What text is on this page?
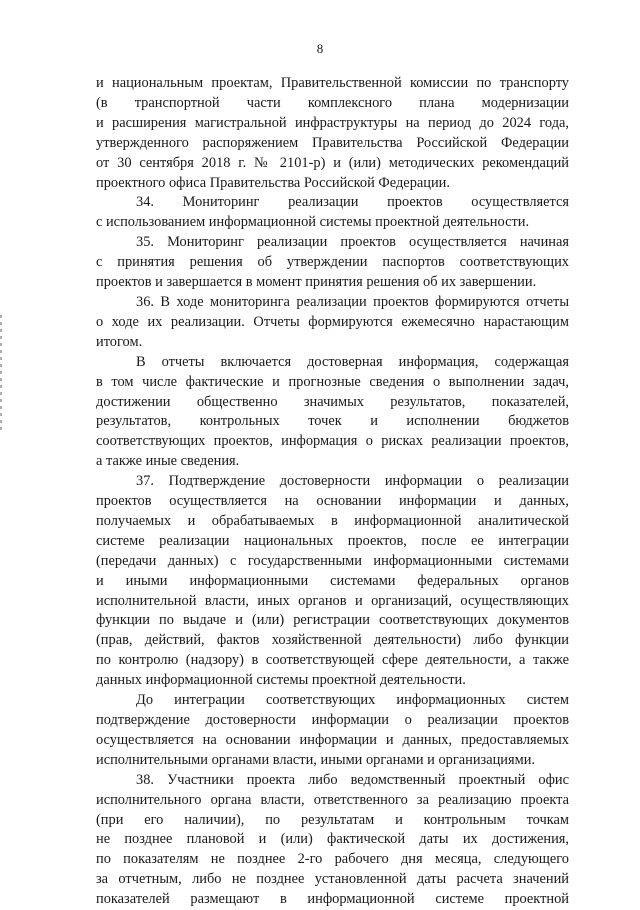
8
и национальным проектам, Правительственной комиссии по транспорту
(в транспортной части комплексного плана модернизации
и расширения магистральной инфраструктуры на период до 2024 года,
утвержденного распоряжением Правительства Российской Федерации
от 30 сентября 2018 г. № 2101-р) и (или) методических рекомендаций
проектного офиса Правительства Российской Федерации.
34. Мониторинг реализации проектов осуществляется
с использованием информационной системы проектной деятельности.
35. Мониторинг реализации проектов осуществляется начиная
с принятия решения об утверждении паспортов соответствующих
проектов и завершается в момент принятия решения об их завершении.
36. В ходе мониторинга реализации проектов формируются отчеты
о ходе их реализации. Отчеты формируются ежемесячно нарастающим
итогом.
В отчеты включается достоверная информация, содержащая
в том числе фактические и прогнозные сведения о выполнении задач,
достижении общественно значимых результатов, показателей,
результатов, контрольных точек и исполнении бюджетов
соответствующих проектов, информация о рисках реализации проектов,
а также иные сведения.
37. Подтверждение достоверности информации о реализации
проектов осуществляется на основании информации и данных,
получаемых и обрабатываемых в информационной аналитической
системе реализации национальных проектов, после ее интеграции
(передачи данных) с государственными информационными системами
и иными информационными системами федеральных органов
исполнительной власти, иных органов и организаций, осуществляющих
функции по выдаче и (или) регистрации соответствующих документов
(прав, действий, фактов хозяйственной деятельности) либо функции
по контролю (надзору) в соответствующей сфере деятельности, а также
данных информационной системы проектной деятельности.
До интеграции соответствующих информационных систем
подтверждение достоверности информации о реализации проектов
осуществляется на основании информации и данных, предоставляемых
исполнительными органами власти, иными органами и организациями.
38. Участники проекта либо ведомственный проектный офис
исполнительного органа власти, ответственного за реализацию проекта
(при его наличии), по результатам и контрольным точкам
не позднее плановой и (или) фактической даты их достижения,
по показателям не позднее 2-го рабочего дня месяца, следующего
за отчетным, либо не позднее установленной даты расчета значений
показателей размещают в информационной системе проектной
